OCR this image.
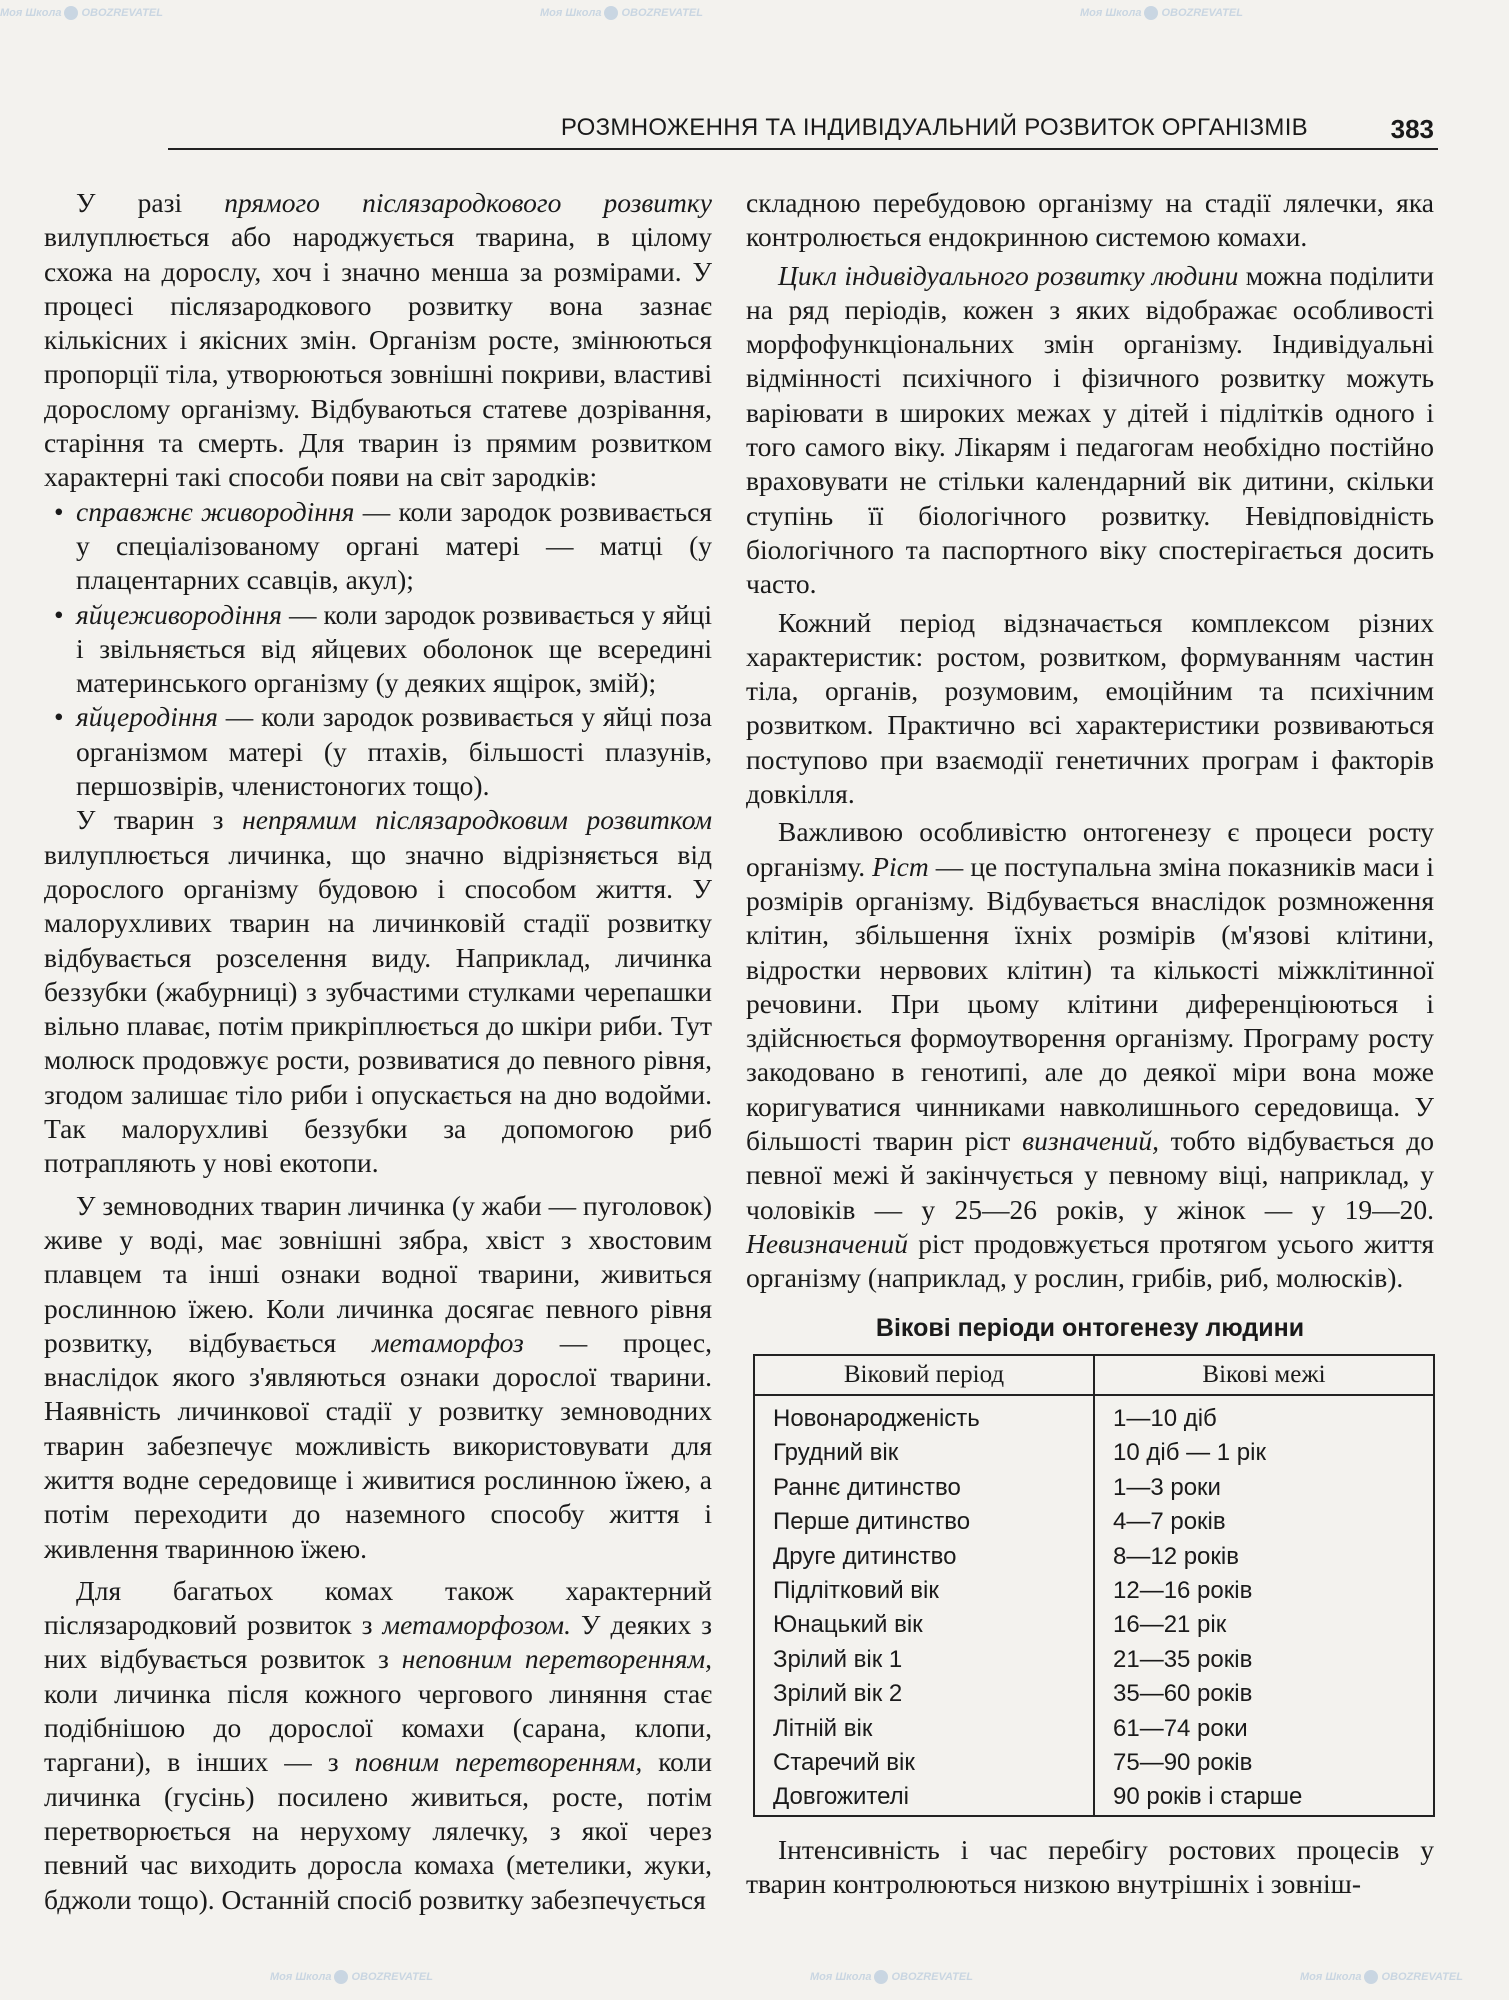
Моя Школа OBOZREVATEL	Моя Школа OBOZREVATEL	Моя Школа OBOZREVATEL
Моя Школа OBOZREVATEL	Моя Школа OBOZREVATEL	Моя Школа OBOZREVATEL
РОЗМНОЖЕННЯ ТА ІНДИВІДУАЛЬНИЙ РОЗВИТОК ОРГАНІЗМІВ	383

У разі прямого післязародкового розвитку вилуплюється або народжується тварина, в цілому схожа на дорослу, хоч і значно менша за розмірами. У процесі післязародкового розвитку вона зазнає кількісних і якісних змін. Організм росте, змінюються пропорції тіла, утворюються зовнішні покриви, властиві дорослому організму. Відбуваються статеве дозрівання, старіння та смерть. Для тварин із прямим розвитком характерні такі способи появи на світ зародків:

• справжнє живородіння — коли зародок розвивається у спеціалізованому органі матері — матці (у плацентарних ссавців, акул);
• яйцеживородіння — коли зародок розвивається у яйці і звільняється від яйцевих оболонок ще всередині материнського організму (у деяких ящірок, змій);
• яйцеродіння — коли зародок розвивається у яйці поза організмом матері (у птахів, більшості плазунів, першозвірів, членистоногих тощо).

У тварин з непрямим післязародковим розвитком вилуплюється личинка, що значно відрізняється від дорослого організму будовою і способом життя. У малорухливих тварин на личинковій стадії розвитку відбувається розселення виду. Наприклад, личинка беззубки (жабурниці) з зубчастими стулками черепашки вільно плаває, потім прикріплюється до шкіри риби. Тут молюск продовжує рости, розвиватися до певного рівня, згодом залишає тіло риби і опускається на дно водойми. Так малорухливі беззубки за допомогою риб потрапляють у нові екотопи.

У земноводних тварин личинка (у жаби — пуголовок) живе у воді, має зовнішні зябра, хвіст з хвостовим плавцем та інші ознаки водної тварини, живиться рослинною їжею. Коли личинка досягає певного рівня розвитку, відбувається метаморфоз — процес, внаслідок якого з'являються ознаки дорослої тварини. Наявність личинкової стадії у розвитку земноводних тварин забезпечує можливість використовувати для життя водне середовище і живитися рослинною їжею, а потім переходити до наземного способу життя і живлення тваринною їжею.

Для багатьох комах також характерний післязародковий розвиток з метаморфозом. У деяких з них відбувається розвиток з неповним перетворенням, коли личинка після кожного чергового линяння стає подібнішою до дорослої комахи (сарана, клопи, таргани), в інших — з повним перетворенням, коли личинка (гусінь) посилено живиться, росте, потім перетворюється на нерухому лялечку, з якої через певний час виходить доросла комаха (метелики, жуки, бджоли тощо). Останній спосіб розвитку забезпечується

складною перебудовою організму на стадії лялечки, яка контролюється ендокринною системою комахи.

Цикл індивідуального розвитку людини можна поділити на ряд періодів, кожен з яких відображає особливості морфофункціональних змін організму. Індивідуальні відмінності психічного і фізичного розвитку можуть варіювати в широких межах у дітей і підлітків одного і того самого віку. Лікарям і педагогам необхідно постійно враховувати не стільки календарний вік дитини, скільки ступінь її біологічного розвитку. Невідповідність біологічного та паспортного віку спостерігається досить часто.

Кожний період відзначається комплексом різних характеристик: ростом, розвитком, формуванням частин тіла, органів, розумовим, емоційним та психічним розвитком. Практично всі характеристики розвиваються поступово при взаємодії генетичних програм і факторів довкілля.

Важливою особливістю онтогенезу є процеси росту організму. Ріст — це поступальна зміна показників маси і розмірів організму. Відбувається внаслідок розмноження клітин, збільшення їхніх розмірів (м'язові клітини, відростки нервових клітин) та кількості міжклітинної речовини. При цьому клітини диференціюються і здійснюється формоутворення організму. Програму росту закодовано в генотипі, але до деякої міри вона може коригуватися чинниками навколишнього середовища. У більшості тварин ріст визначений, тобто відбувається до певної межі й закінчується у певному віці, наприклад, у чоловіків — у 25—26 років, у жінок — у 19—20. Невизначений ріст продовжується протягом усього життя організму (наприклад, у рослин, грибів, риб, молюсків).

Вікові періоди онтогенезу людини
Віковий період	Вікові межі
Новонародженість	1—10 діб
Грудний вік	10 діб — 1 рік
Раннє дитинство	1—3 роки
Перше дитинство	4—7 років
Друге дитинство	8—12 років
Підлітковий вік	12—16 років
Юнацький вік	16—21 рік
Зрілий вік 1	21—35 років
Зрілий вік 2	35—60 років
Літній вік	61—74 роки
Старечий вік	75—90 років
Довгожителі	90 років і старше

Інтенсивність і час перебігу ростових процесів у тварин контролюються низкою внутрішніх і зовніш-
